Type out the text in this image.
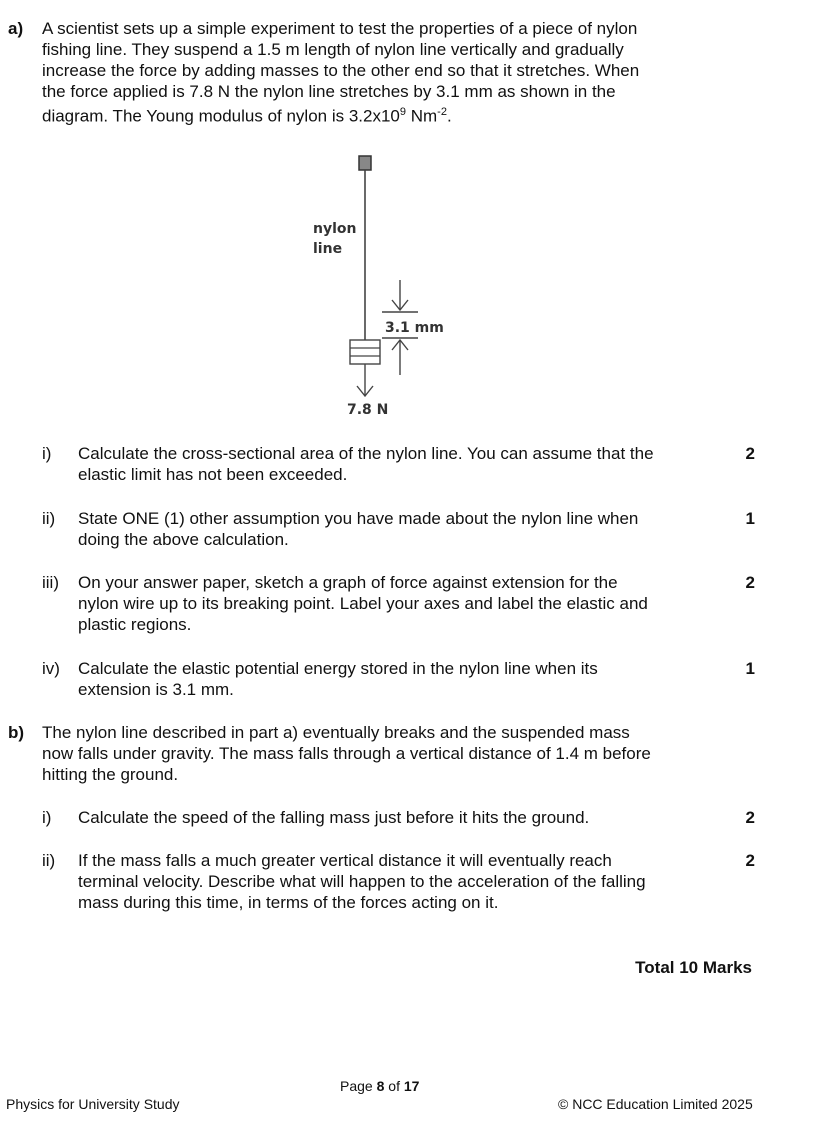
a) A scientist sets up a simple experiment to test the properties of a piece of nylon
fishing line. They suspend a 1.5 m length of nylon line vertically and gradually
increase the force by adding masses to the other end so that it stretches. When
the force applied is 7.8 N the nylon line stretches by 3.1 mm as shown in the
diagram. The Young modulus of nylon is $3.2x10^9$ $Nm^{-2}$.
nylon
line
3.1 mm
7.8 N
i) Calculate the cross-sectional area of the nylon line. You can assume that the
elastic limit has not been exceeded.
2
ii) State ONE (1) other assumption you have made about the nylon line when
doing the above calculation.
1
iii) On your answer paper, sketch a graph of force against extension for the
nylon wire up to its breaking point. Label your axes and label the elastic and
plastic regions.
2
iv) Calculate the elastic potential energy stored in the nylon line when its
extension is 3.1 mm.
1
b) The nylon line described in part a) eventually breaks and the suspended mass
now falls under gravity. The mass falls through a vertical distance of 1.4 m before
hitting the ground.
i) Calculate the speed of the falling mass just before it hits the ground.	2
ii) If the mass falls a much greater vertical distance it will eventually reach
terminal velocity. Describe what will happen to the acceleration of the falling
mass during this time, in terms of the forces acting on it.
2
Total 10 Marks
Page 8 of 17
Physics for University Study	© NCC Education Limited 2025
